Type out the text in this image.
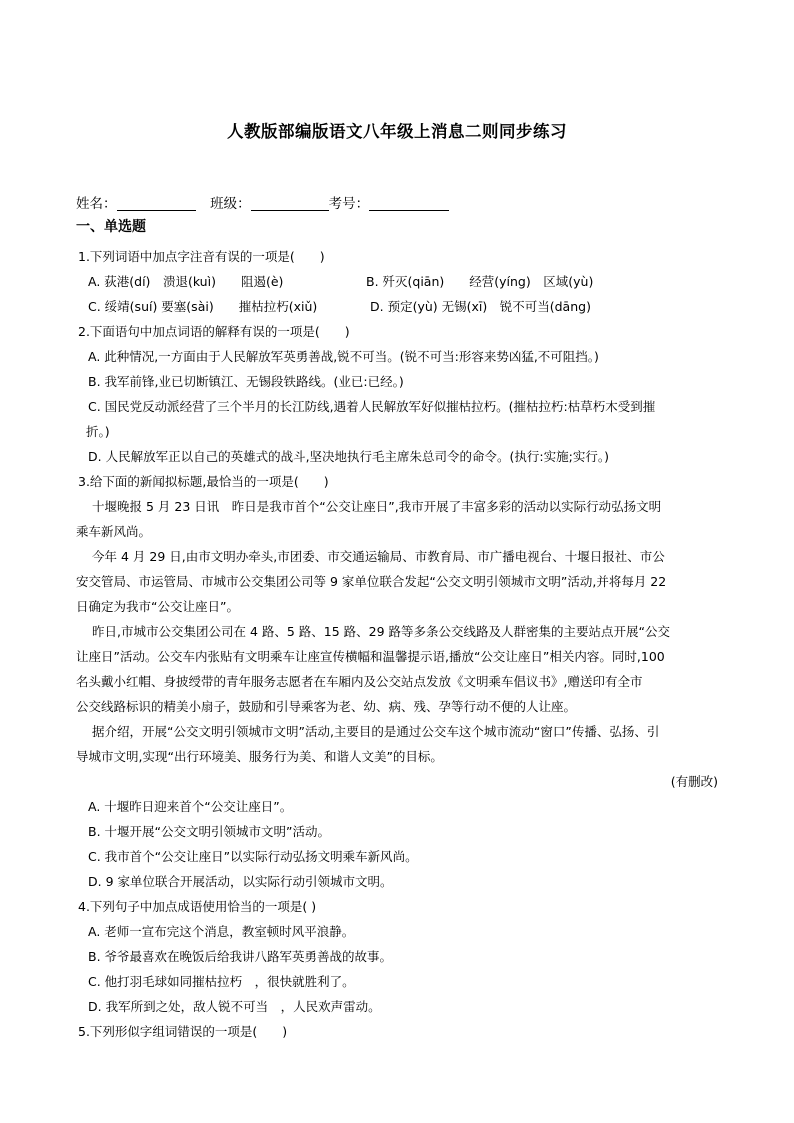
人教版部编版语文八年级上消息二则同步练习
姓名：	班级：	考号：
一、单选题
1.下列词语中加点字注音有误的一项是(　　)
A. 荻港(dí)　溃退(kuì)　　阻遏(è)	B. 歼灭(qiān)　　经营(yíng)　区域(yù)
C. 绥靖(suí) 要塞(sài)　　摧枯拉朽(xiǔ)	D. 预定(yù) 无锡(xī)　锐不可当(dāng)
2.下面语句中加点词语的解释有误的一项是(　　)
A. 此种情况,一方面由于人民解放军英勇善战,锐不可当。(锐不可当:形容来势凶猛,不可阻挡。)
B. 我军前锋,业已切断镇江、无锡段铁路线。(业已:已经。)
C. 国民党反动派经营了三个半月的长江防线,遇着人民解放军好似摧枯拉朽。(摧枯拉朽:枯草朽木受到摧
折。)
D. 人民解放军正以自己的英雄式的战斗,坚决地执行毛主席朱总司令的命令。(执行:实施;实行。)
3.给下面的新闻拟标题,最恰当的一项是(　　)
十堰晚报 5 月 23 日讯　昨日是我市首个“公交让座日”,我市开展了丰富多彩的活动以实际行动弘扬文明
乘车新风尚。
今年 4 月 29 日,由市文明办牵头,市团委、市交通运输局、市教育局、市广播电视台、十堰日报社、市公
安交管局、市运管局、市城市公交集团公司等 9 家单位联合发起“公交文明引领城市文明”活动,并将每月 22
日确定为我市“公交让座日”。
昨日,市城市公交集团公司在 4 路、5 路、15 路、29 路等多条公交线路及人群密集的主要站点开展“公交
让座日”活动。公交车内张贴有文明乘车让座宣传横幅和温馨提示语,播放“公交让座日”相关内容。同时,100
名头戴小红帽、身披绶带的青年服务志愿者在车厢内及公交站点发放《文明乘车倡议书》,赠送印有全市
公交线路标识的精美小扇子，鼓励和引导乘客为老、幼、病、残、孕等行动不便的人让座。
据介绍，开展“公交文明引领城市文明”活动,主要目的是通过公交车这个城市流动“窗口”传播、弘扬、引
导城市文明,实现“出行环境美、服务行为美、和谐人文美”的目标。
(有删改)
A. 十堰昨日迎来首个“公交让座日”。
B. 十堰开展“公交文明引领城市文明”活动。
C. 我市首个“公交让座日”以实际行动弘扬文明乘车新风尚。
D. 9 家单位联合开展活动，以实际行动引领城市文明。
4.下列句子中加点成语使用恰当的一项是( )
A. 老师一宣布完这个消息，教室顿时风平浪静。
B. 爷爷最喜欢在晚饭后给我讲八路军英勇善战的故事。
C. 他打羽毛球如同摧枯拉朽　，很快就胜利了。
D. 我军所到之处，敌人锐不可当　，人民欢声雷动。
5.下列形似字组词错误的一项是(　　)
